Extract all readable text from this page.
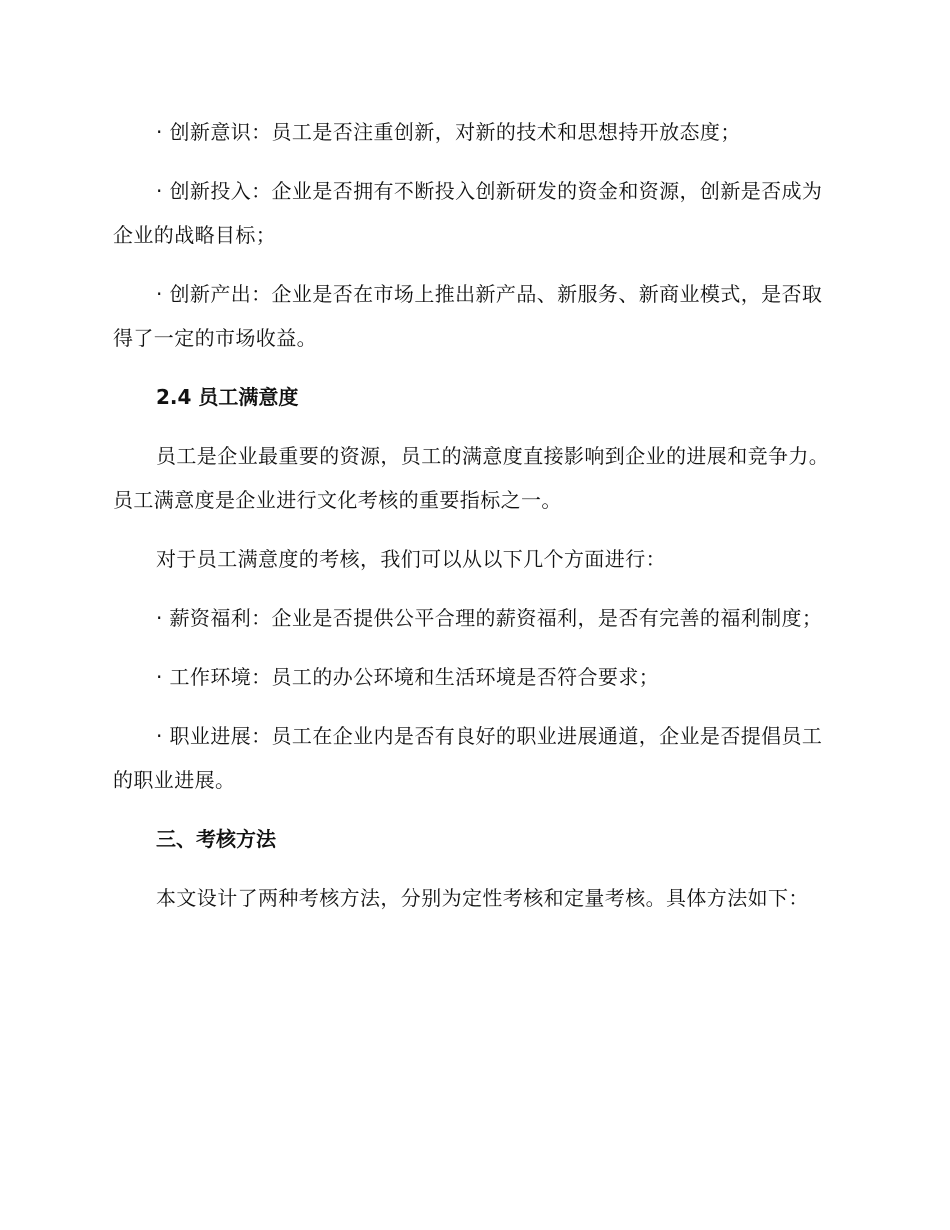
· 创新意识：员工是否注重创新，对新的技术和思想持开放态度；

· 创新投入：企业是否拥有不断投入创新研发的资金和资源，创新是否成为企业的战略目标；

· 创新产出：企业是否在市场上推出新产品、新服务、新商业模式，是否取得了一定的市场收益。

2.4 员工满意度

员工是企业最重要的资源，员工的满意度直接影响到企业的进展和竞争力。员工满意度是企业进行文化考核的重要指标之一。

对于员工满意度的考核，我们可以从以下几个方面进行：

· 薪资福利：企业是否提供公平合理的薪资福利，是否有完善的福利制度；

· 工作环境：员工的办公环境和生活环境是否符合要求；

· 职业进展：员工在企业内是否有良好的职业进展通道，企业是否提倡员工的职业进展。

三、考核方法

本文设计了两种考核方法，分别为定性考核和定量考核。具体方法如下：
